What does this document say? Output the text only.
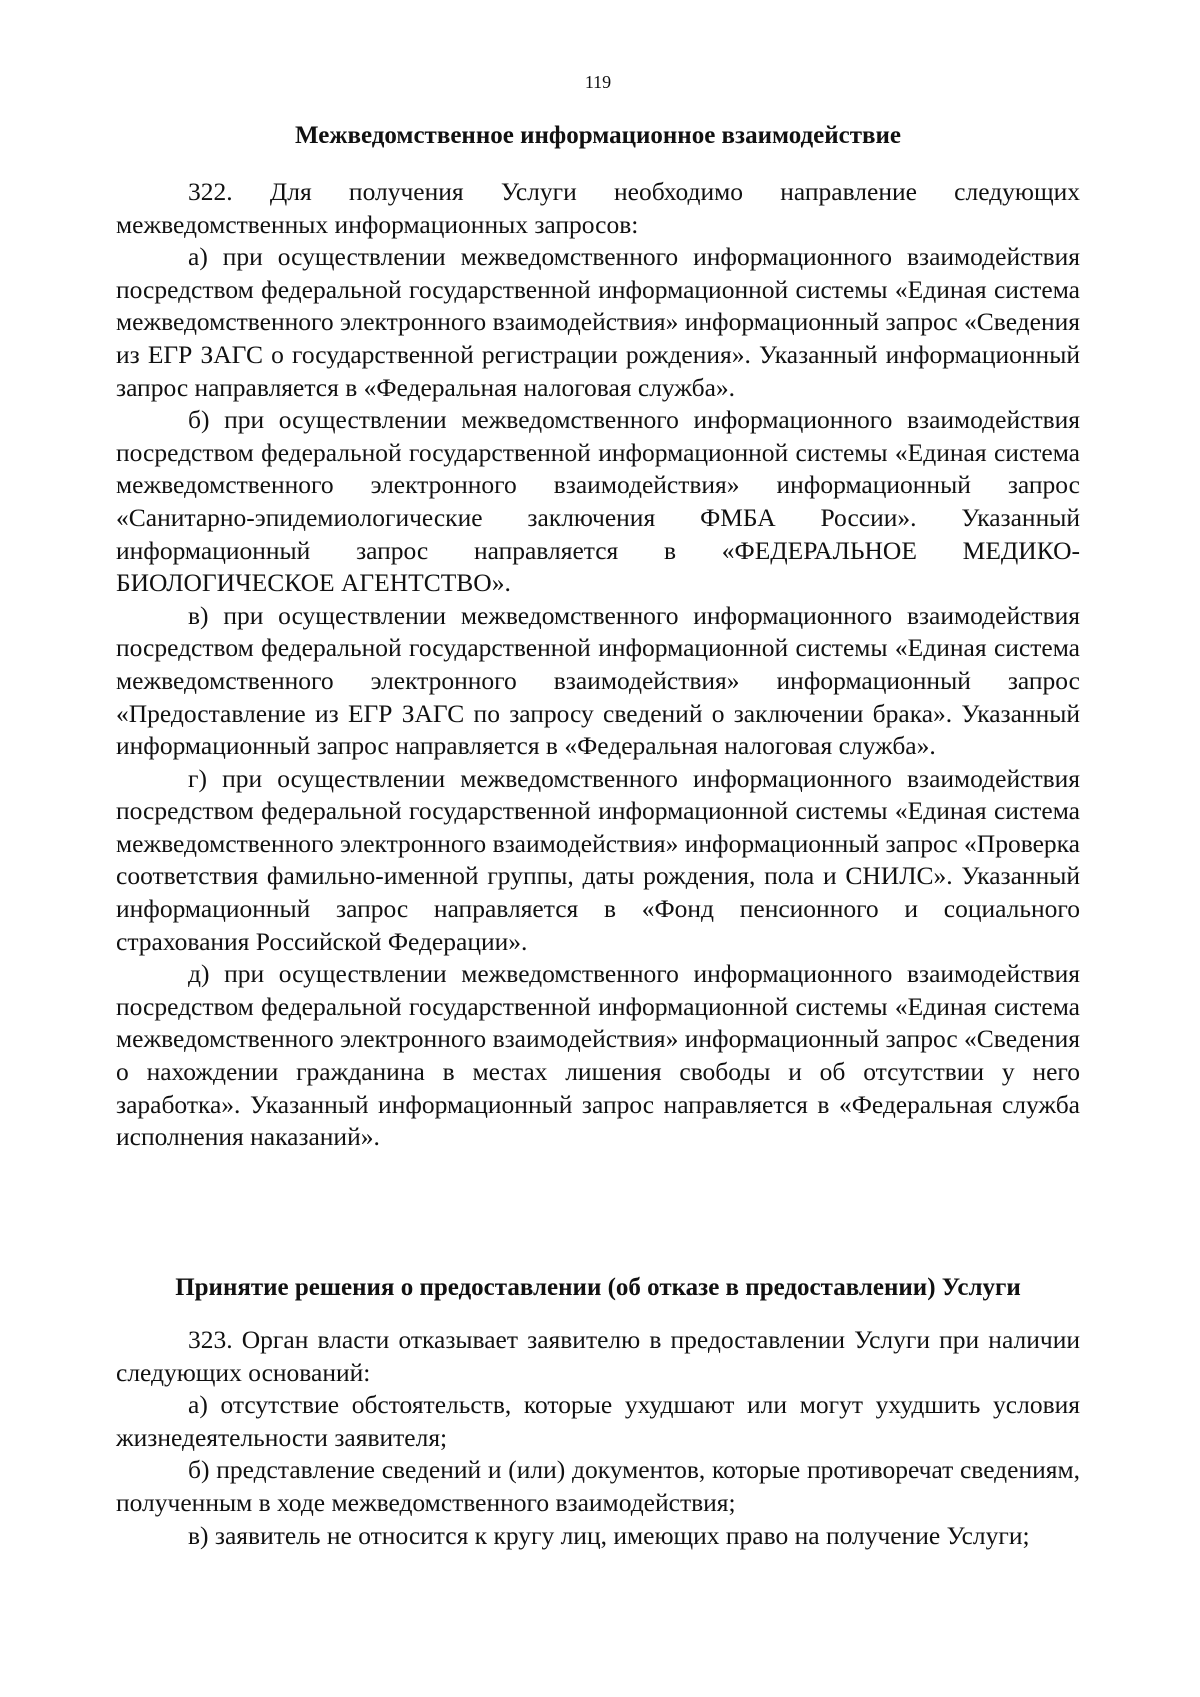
119
Межведомственное информационное взаимодействие

322. Для получения Услуги необходимо направление следующих межведомственных информационных запросов:

а) при осуществлении межведомственного информационного взаимодействия посредством федеральной государственной информационной системы «Единая система межведомственного электронного взаимодействия» информационный запрос «Сведения из ЕГР ЗАГС о государственной регистрации рождения». Указанный информационный запрос направляется в «Федеральная налоговая служба».

б) при осуществлении межведомственного информационного взаимодействия посредством федеральной государственной информационной системы «Единая система межведомственного электронного взаимодействия» информационный запрос «Санитарно-эпидемиологические заключения ФМБА России». Указанный информационный запрос направляется в «ФЕДЕРАЛЬНОЕ МЕДИКО-БИОЛОГИЧЕСКОЕ АГЕНТСТВО».

в) при осуществлении межведомственного информационного взаимодействия посредством федеральной государственной информационной системы «Единая система межведомственного электронного взаимодействия» информационный запрос «Предоставление из ЕГР ЗАГС по запросу сведений о заключении брака». Указанный информационный запрос направляется в «Федеральная налоговая служба».

г) при осуществлении межведомственного информационного взаимодействия посредством федеральной государственной информационной системы «Единая система межведомственного электронного взаимодействия» информационный запрос «Проверка соответствия фамильно-именной группы, даты рождения, пола и СНИЛС». Указанный информационный запрос направляется в «Фонд пенсионного и социального страхования Российской Федерации».

д) при осуществлении межведомственного информационного взаимодействия посредством федеральной государственной информационной системы «Единая система межведомственного электронного взаимодействия» информационный запрос «Сведения о нахождении гражданина в местах лишения свободы и об отсутствии у него заработка». Указанный информационный запрос направляется в «Федеральная служба исполнения наказаний».

Принятие решения о предоставлении (об отказе в предоставлении) Услуги

323. Орган власти отказывает заявителю в предоставлении Услуги при наличии следующих оснований:

а) отсутствие обстоятельств, которые ухудшают или могут ухудшить условия жизнедеятельности заявителя;

б) представление сведений и (или) документов, которые противоречат сведениям, полученным в ходе межведомственного взаимодействия;

в) заявитель не относится к кругу лиц, имеющих право на получение Услуги;
